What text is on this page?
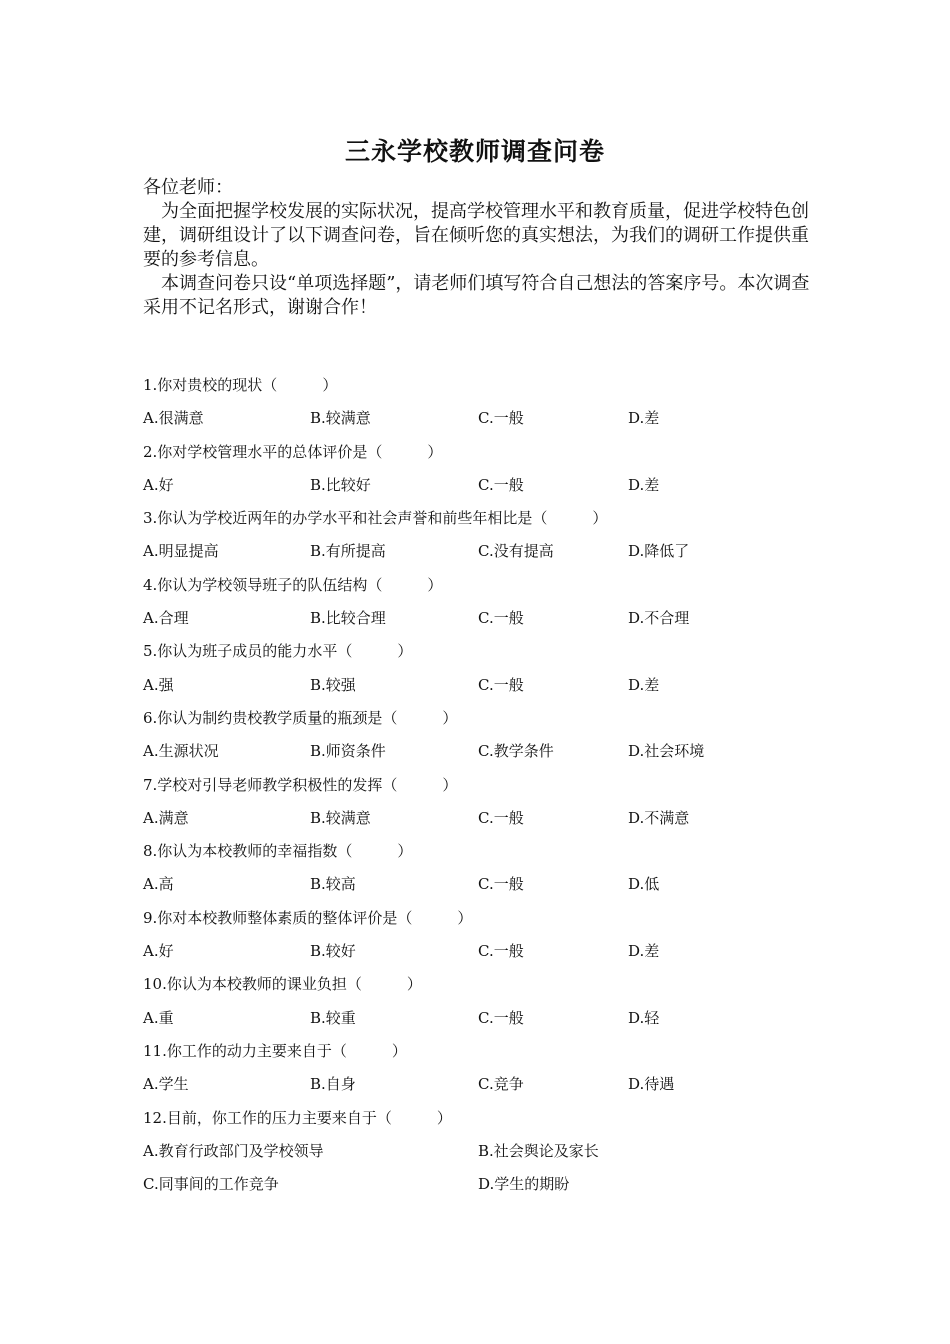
三永学校教师调查问卷

各位老师：

为全面把握学校发展的实际状况，提高学校管理水平和教育质量，促进学校特色创建，调研组设计了以下调查问卷，旨在倾听您的真实想法，为我们的调研工作提供重要的参考信息。

本调查问卷只设“单项选择题”，请老师们填写符合自己想法的答案序号。本次调查采用不记名形式，谢谢合作！

1.你对贵校的现状（　　　）
A.很满意	B.较满意	C.一般	D.差
2.你对学校管理水平的总体评价是（　　　）
A.好	B.比较好	C.一般	D.差
3.你认为学校近两年的办学水平和社会声誉和前些年相比是（　　　）
A.明显提高	B.有所提高	C.没有提高	D.降低了
4.你认为学校领导班子的队伍结构（　　　）
A.合理	B.比较合理	C.一般	D.不合理
5.你认为班子成员的能力水平（　　　）
A.强	B.较强	C.一般	D.差
6.你认为制约贵校教学质量的瓶颈是（　　　）
A.生源状况	B.师资条件	C.教学条件	D.社会环境
7.学校对引导老师教学积极性的发挥（　　　）
A.满意	B.较满意	C.一般	D.不满意
8.你认为本校教师的幸福指数（　　　）
A.高	B.较高	C.一般	D.低
9.你对本校教师整体素质的整体评价是（　　　）
A.好	B.较好	C.一般	D.差
10.你认为本校教师的课业负担（　　　）
A.重	B.较重	C.一般	D.轻
11.你工作的动力主要来自于（　　　）
A.学生	B.自身	C.竞争	D.待遇
12.目前，你工作的压力主要来自于（　　　）
A.教育行政部门及学校领导	B.社会舆论及家长
C.同事间的工作竞争	D.学生的期盼
